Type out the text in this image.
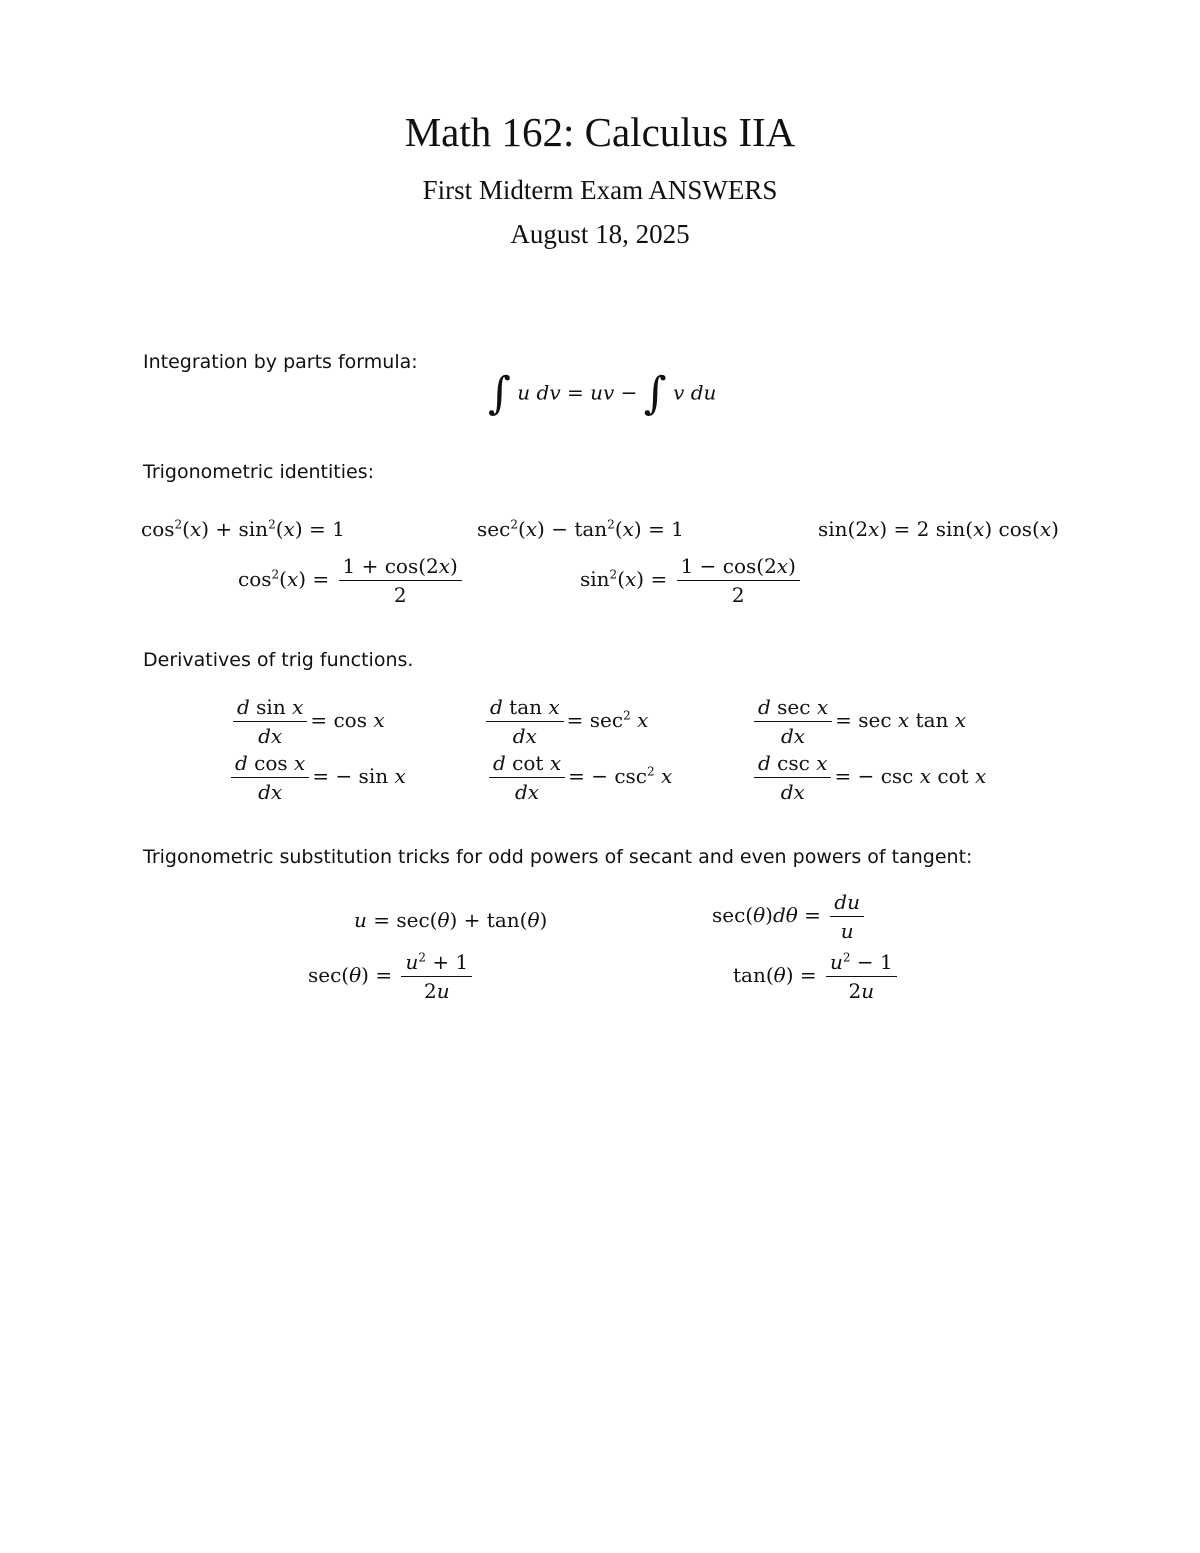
Math 162: Calculus IIA
First Midterm Exam ANSWERS
August 18, 2025
Integration by parts formula:
∫ u dv = uv − ∫ v du
Trigonometric identities:
$\cos^2(x) + \sin^2(x) = 1$	$\sec^2(x) - \tan^2(x) = 1$	sin(2x) = 2 sin(x) cos(x)
$\cos^2(x) = \frac{1 + \cos(2x)}{2}$	$\sin^2(x) = \frac{1 - \cos(2x)}{2}$
Derivatives of trig functions.
$\frac{\text{d sin x}}{dx} = \cos x$	$\frac{\text{d tan x}}{dx} = \sec^2 x$	$\frac{\text{d sec x}}{dx} = \sec x$ tan x
$\frac{\text{d cos x}}{dx}$ = − sin x	$\frac{\text{d cot x}}{dx}$ = − $\csc^2 x$	$\frac{\text{d csc x}}{dx}$ = − csc x cot x
Trigonometric substitution tricks for odd powers of secant and even powers of tangent:
u = sec(θ) + tan(θ)	$\sec(\theta)d\theta = \frac{du}{u}$
$\sec(\theta) = \frac{u^2 + 1}{2u}$	$\tan(\theta) = \frac{u^2 - 1}{2u}$
